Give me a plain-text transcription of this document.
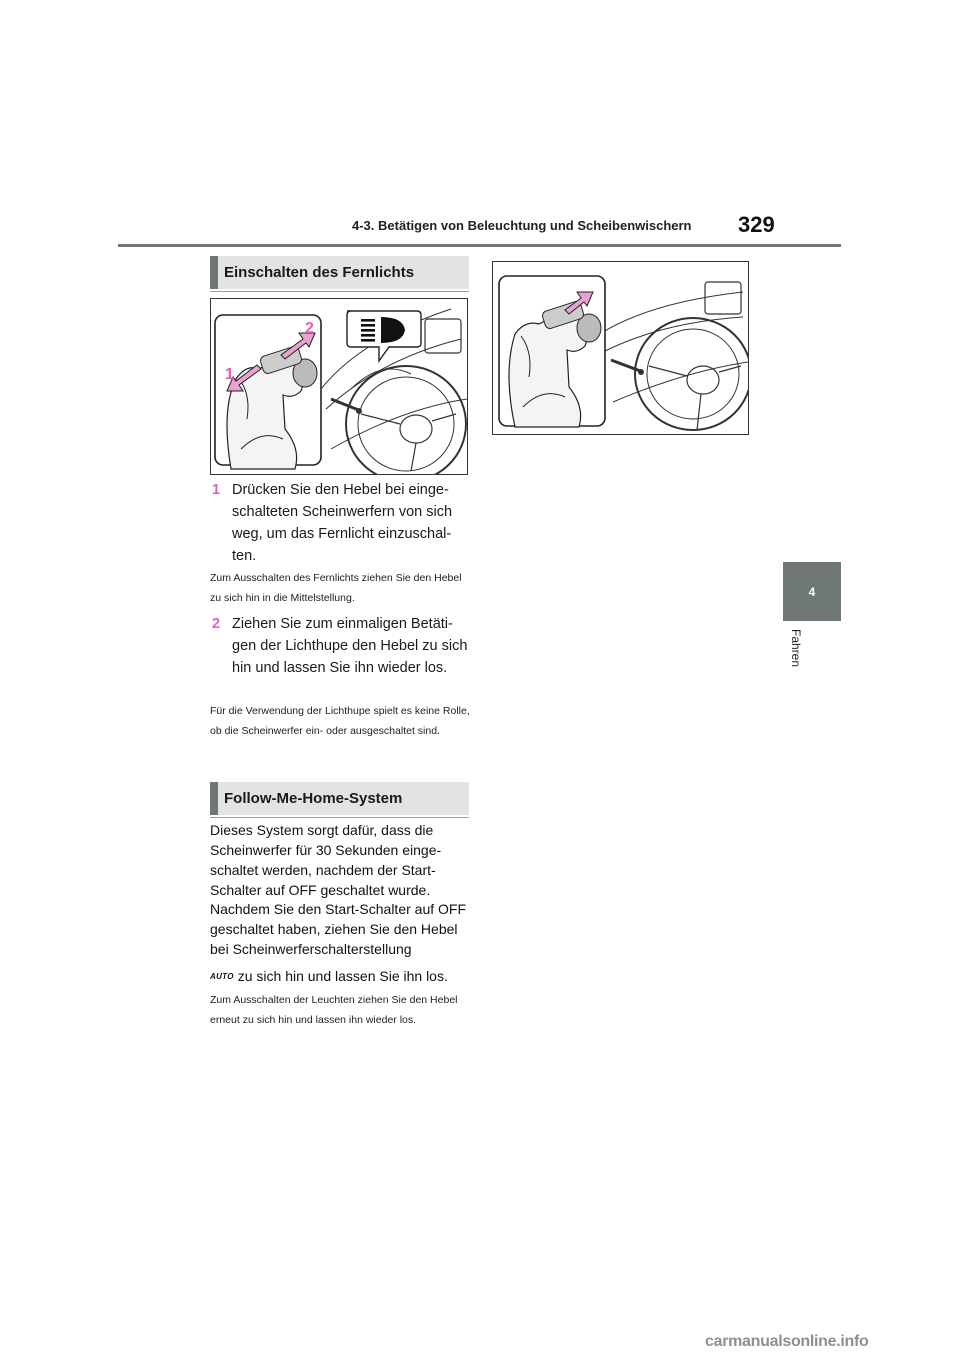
4-3. Betätigen von Beleuchtung und Scheibenwischern 329
4
Fahren
Einschalten des Fernlichts
1
2
1 Drücken Sie den Hebel bei einge-schalteten Scheinwerfern von sich weg, um das Fernlicht einzuschal-ten.
Zum Ausschalten des Fernlichts ziehen Sie den Hebel zu sich hin in die Mittelstellung.
2 Ziehen Sie zum einmaligen Betäti-gen der Lichthupe den Hebel zu sich hin und lassen Sie ihn wieder los.
Für die Verwendung der Lichthupe spielt es keine Rolle, ob die Scheinwerfer ein- oder ausgeschaltet sind.
Follow-Me-Home-System
Dieses System sorgt dafür, dass die Scheinwerfer für 30 Sekunden einge-schaltet werden, nachdem der Start-Schalter auf OFF geschaltet wurde.
Nachdem Sie den Start-Schalter auf OFF geschaltet haben, ziehen Sie den Hebel bei Scheinwerferschalterstellung
AUTO zu sich hin und lassen Sie ihn los.
Zum Ausschalten der Leuchten ziehen Sie den Hebel erneut zu sich hin und lassen ihn wieder los.
carmanualsonline.info
